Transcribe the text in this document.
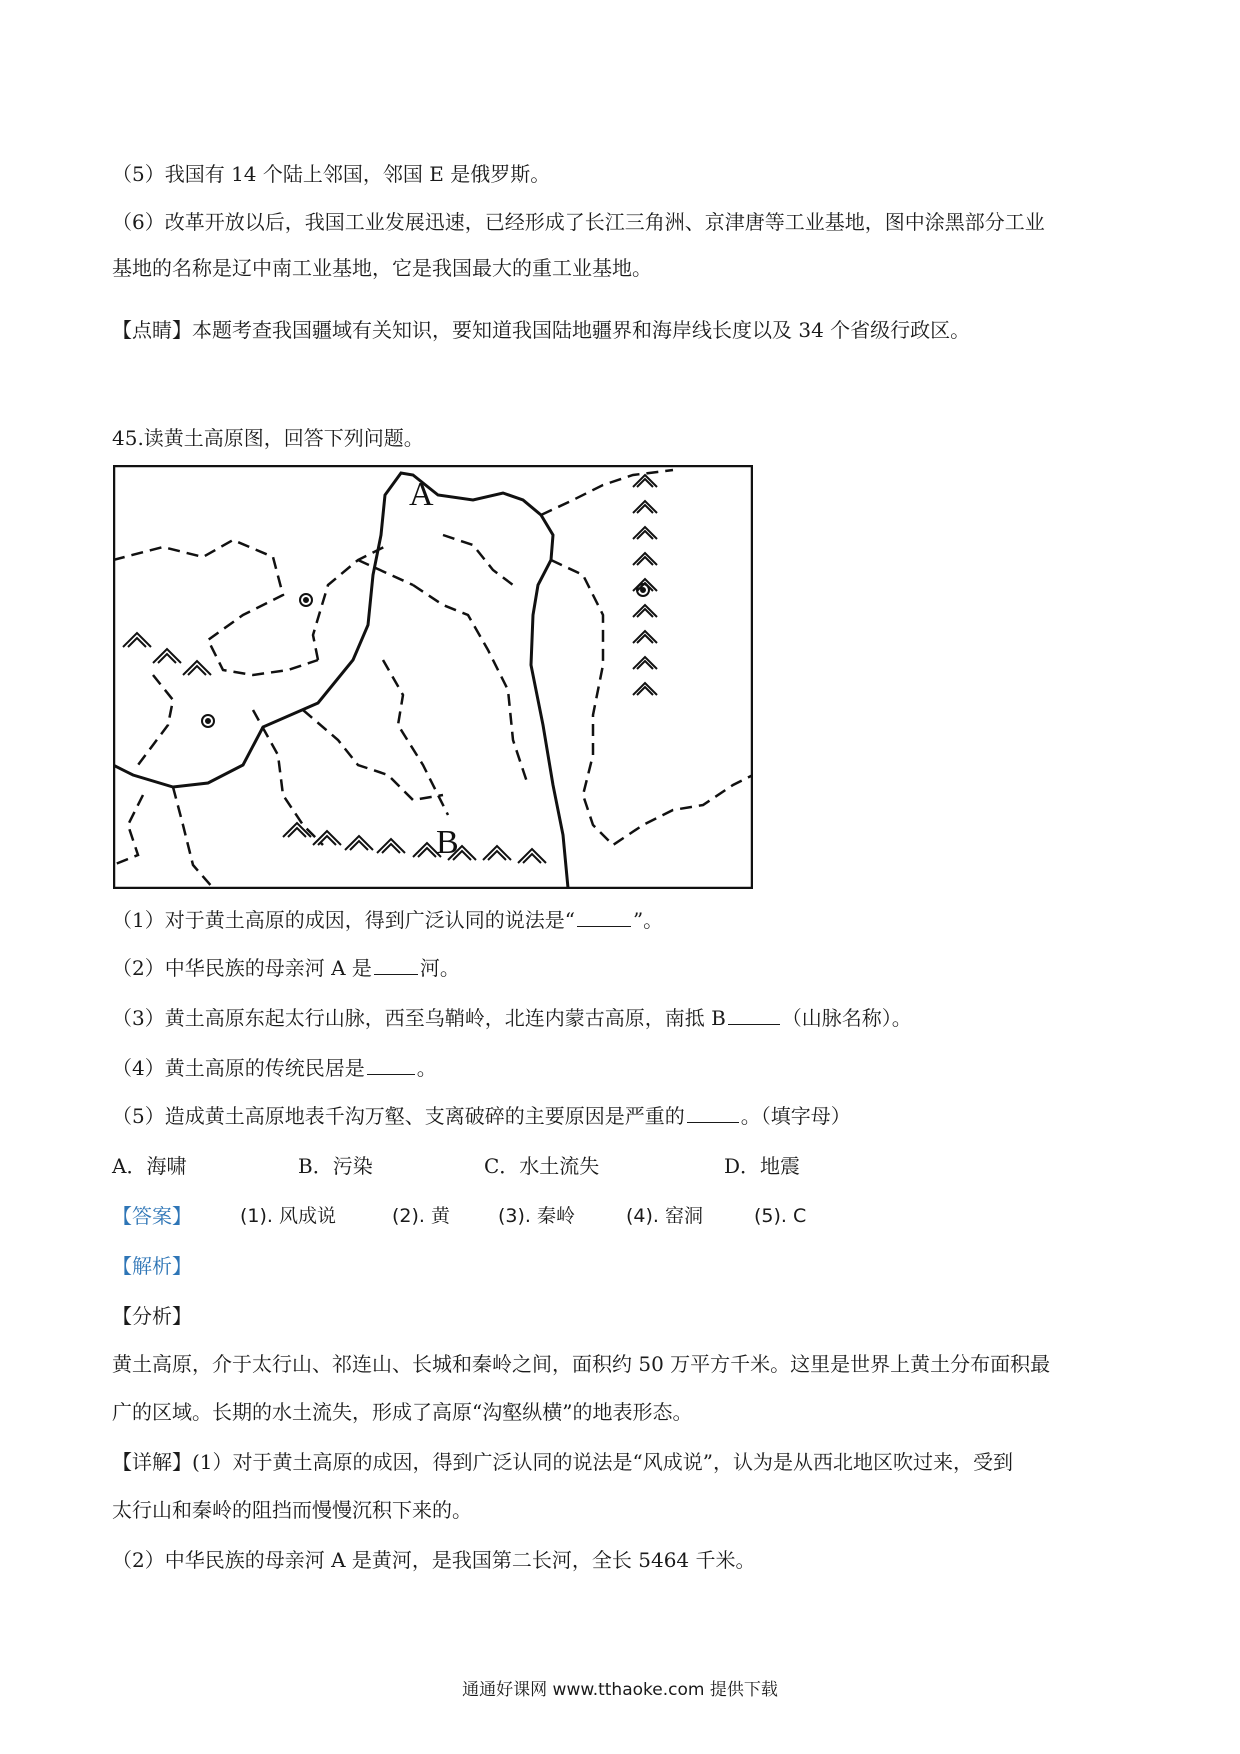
（5）我国有 14 个陆上邻国，邻国 E 是俄罗斯。
（6）改革开放以后，我国工业发展迅速，已经形成了长江三角洲、京津唐等工业基地，图中涂黑部分工业
基地的名称是辽中南工业基地，它是我国最大的重工业基地。
【点睛】本题考查我国疆域有关知识，要知道我国陆地疆界和海岸线长度以及 34 个省级行政区。
45.读黄土高原图，回答下列问题。
A
B
（1）对于黄土高原的成因，得到广泛认同的说法是“	”。
（2）中华民族的母亲河 A 是 河。
（3）黄土高原东起太行山脉，西至乌鞘岭，北连内蒙古高原，南抵 B	（山脉名称）。
（4）黄土高原的传统民居是	。
（5）造成黄土高原地表千沟万壑、支离破碎的主要原因是严重的	。（填字母）
A．海啸	B．污染	C．水土流失	D．地震
【答案】	(1). 风成说	(2). 黄	(3). 秦岭	(4). 窑洞	(5). C
【解析】
【分析】
黄土高原，介于太行山、祁连山、长城和秦岭之间，面积约 50 万平方千米。这里是世界上黄土分布面积最
广的区域。长期的水土流失，形成了高原“沟壑纵横”的地表形态。
【详解】(1）对于黄土高原的成因，得到广泛认同的说法是“风成说”，认为是从西北地区吹过来，受到
太行山和秦岭的阻挡而慢慢沉积下来的。
（2）中华民族的母亲河 A 是黄河，是我国第二长河，全长 5464 千米。
通通好课网 www.tthaoke.com 提供下载
